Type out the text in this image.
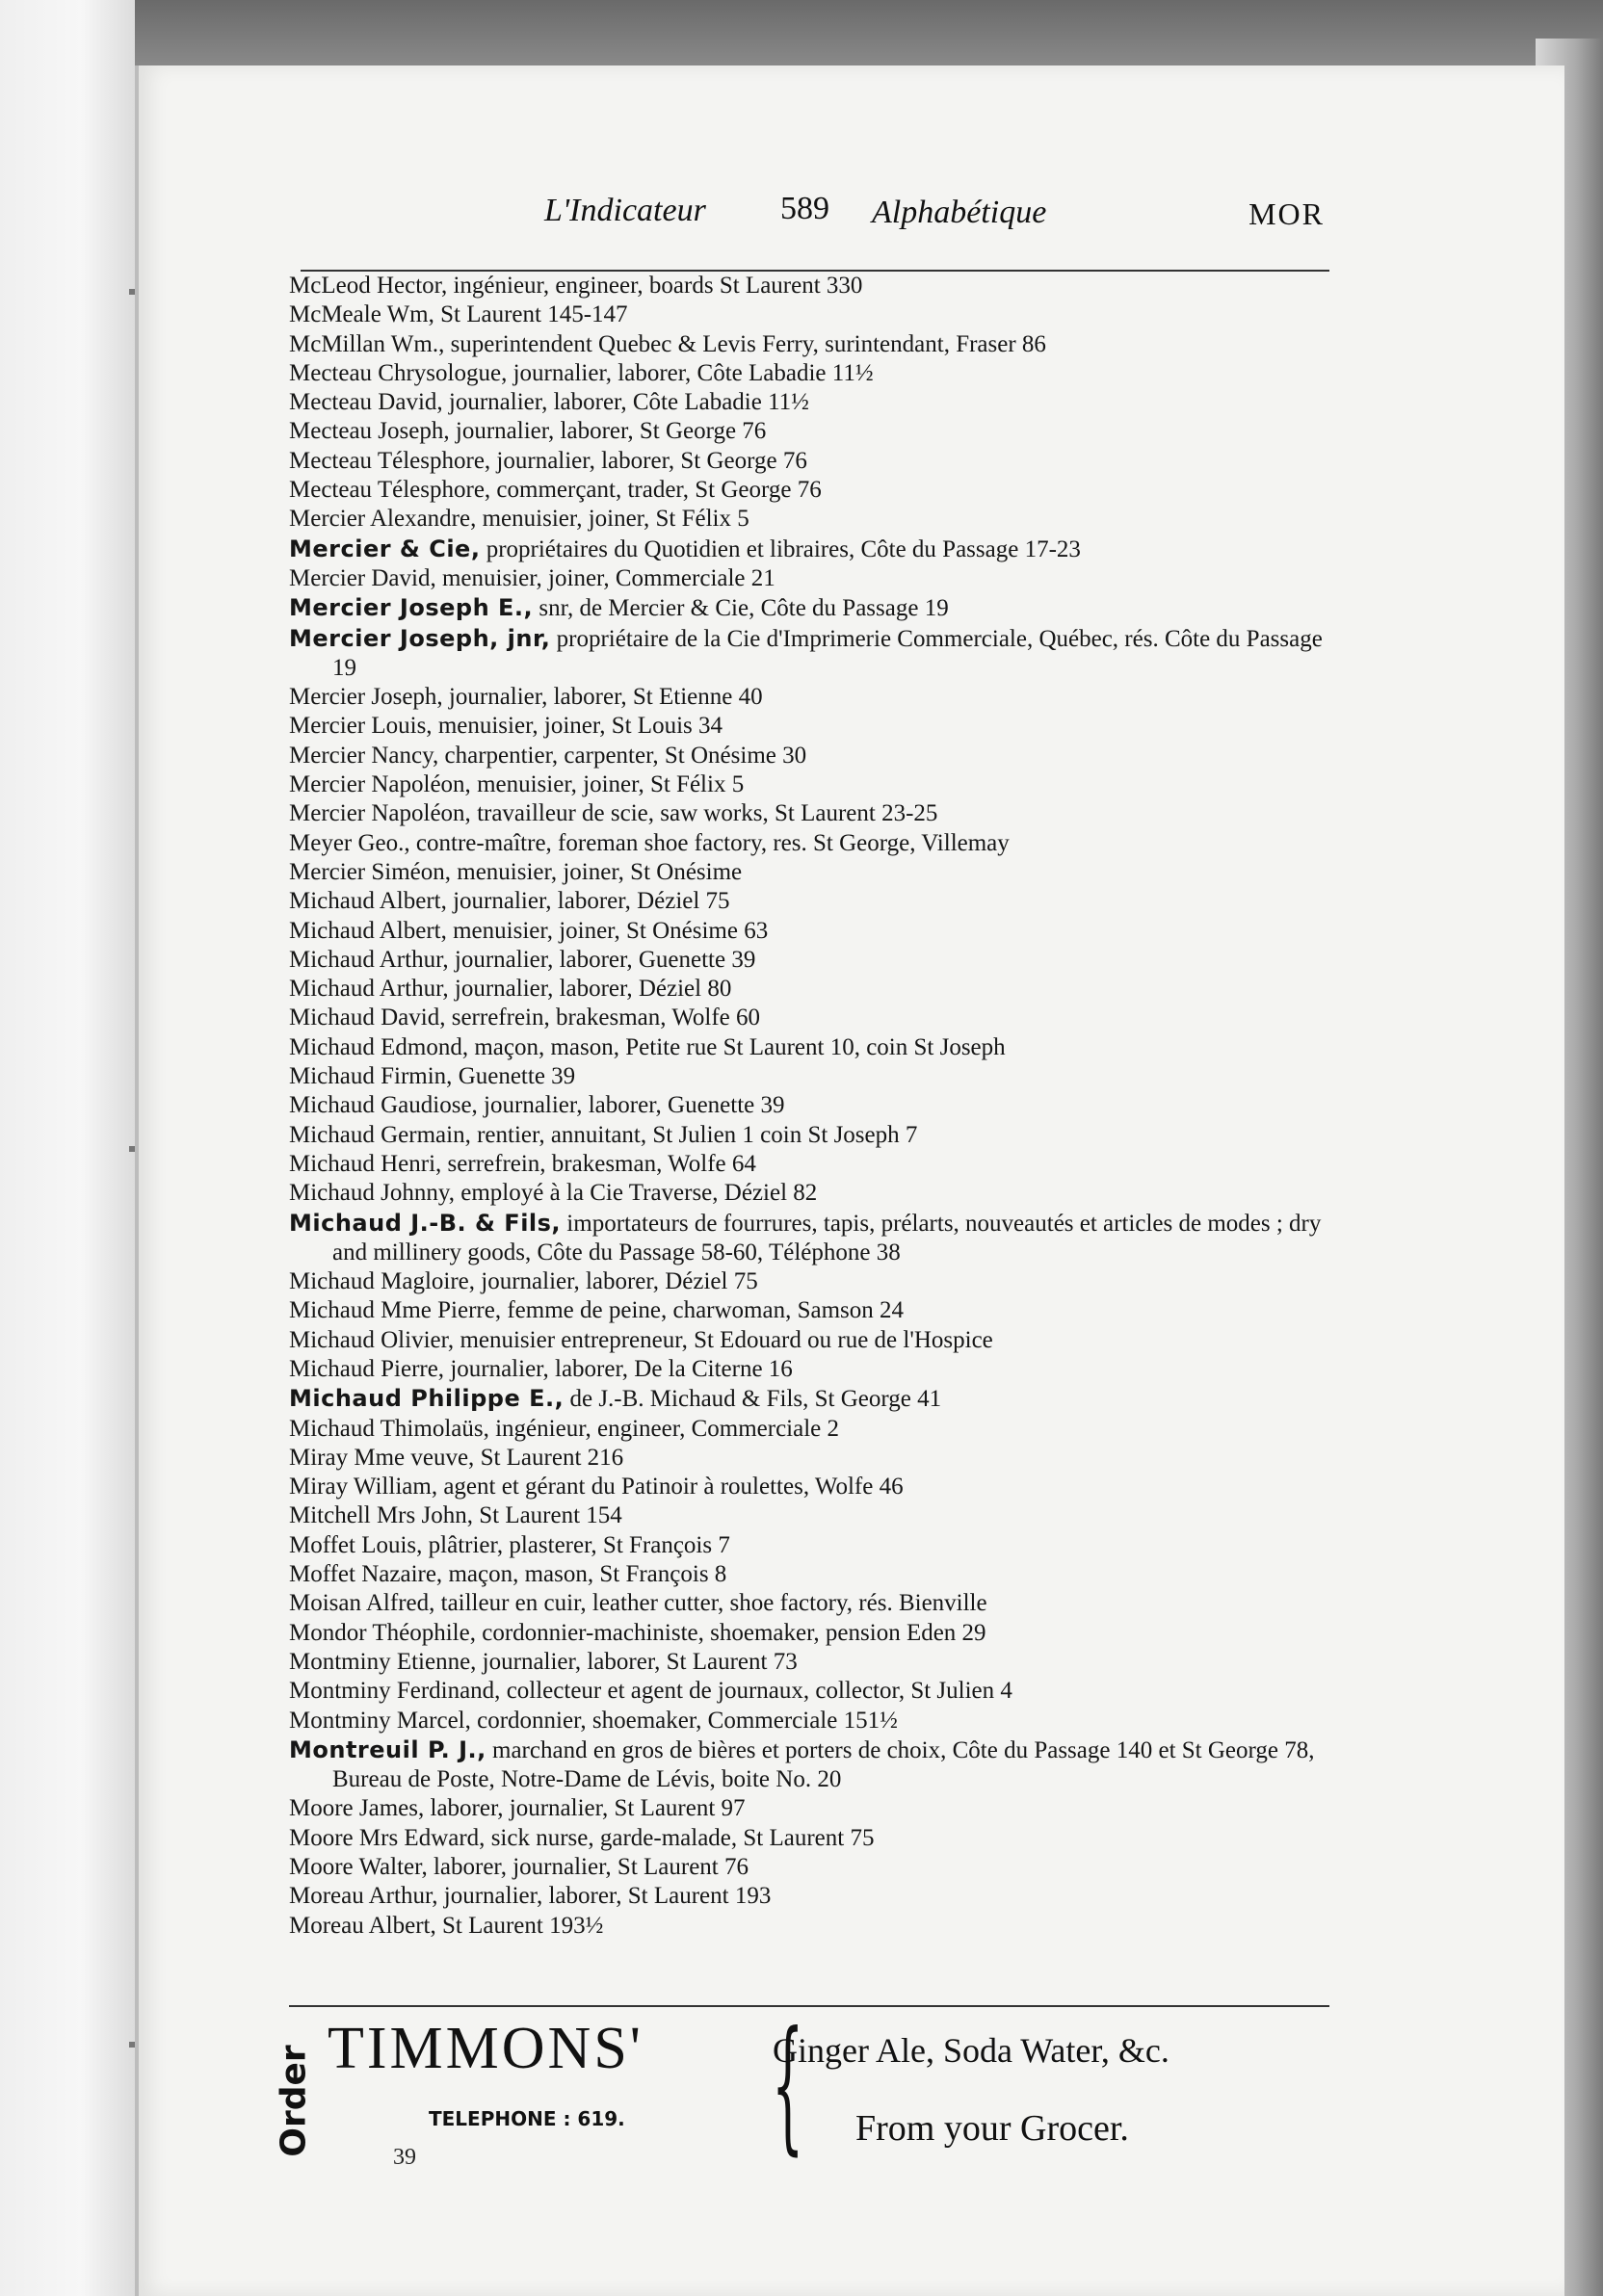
L'Indicateur 589 Alphabétique	MOR
McLeod Hector, ingénieur, engineer, boards St Laurent 330
McMeale Wm, St Laurent 145-147
McMillan Wm., superintendent Quebec & Levis Ferry, surintendant, Fraser 86
Mecteau Chrysologue, journalier, laborer, Côte Labadie 11½
Mecteau David, journalier, laborer, Côte Labadie 11½
Mecteau Joseph, journalier, laborer, St George 76
Mecteau Télesphore, journalier, laborer, St George 76
Mecteau Télesphore, commerçant, trader, St George 76
Mercier Alexandre, menuisier, joiner, St Félix 5
Mercier & Cie, propriétaires du Quotidien et libraires, Côte du Passage 17-23
Mercier David, menuisier, joiner, Commerciale 21
Mercier Joseph E., snr, de Mercier & Cie, Côte du Passage 19
Mercier Joseph, jnr, propriétaire de la Cie d'Imprimerie Commerciale, Québec, rés. Côte du Passage 19
Mercier Joseph, journalier, laborer, St Etienne 40
Mercier Louis, menuisier, joiner, St Louis 34
Mercier Nancy, charpentier, carpenter, St Onésime 30
Mercier Napoléon, menuisier, joiner, St Félix 5
Mercier Napoléon, travailleur de scie, saw works, St Laurent 23-25
Meyer Geo., contre-maître, foreman shoe factory, res. St George, Villemay
Mercier Siméon, menuisier, joiner, St Onésime
Michaud Albert, journalier, laborer, Déziel 75
Michaud Albert, menuisier, joiner, St Onésime 63
Michaud Arthur, journalier, laborer, Guenette 39
Michaud Arthur, journalier, laborer, Déziel 80
Michaud David, serrefrein, brakesman, Wolfe 60
Michaud Edmond, maçon, mason, Petite rue St Laurent 10, coin St Joseph
Michaud Firmin, Guenette 39
Michaud Gaudiose, journalier, laborer, Guenette 39
Michaud Germain, rentier, annuitant, St Julien 1 coin St Joseph 7
Michaud Henri, serrefrein, brakesman, Wolfe 64
Michaud Johnny, employé à la Cie Traverse, Déziel 82
Michaud J.-B. & Fils, importateurs de fourrures, tapis, prélarts, nouveautés et articles de modes ; dry and millinery goods, Côte du Passage 58-60, Téléphone 38
Michaud Magloire, journalier, laborer, Déziel 75
Michaud Mme Pierre, femme de peine, charwoman, Samson 24
Michaud Olivier, menuisier entrepreneur, St Edouard ou rue de l'Hospice
Michaud Pierre, journalier, laborer, De la Citerne 16
Michaud Philippe E., de J.-B. Michaud & Fils, St George 41
Michaud Thimolaüs, ingénieur, engineer, Commerciale 2
Miray Mme veuve, St Laurent 216
Miray William, agent et gérant du Patinoir à roulettes, Wolfe 46
Mitchell Mrs John, St Laurent 154
Moffet Louis, plâtrier, plasterer, St François 7
Moffet Nazaire, maçon, mason, St François 8
Moisan Alfred, tailleur en cuir, leather cutter, shoe factory, rés. Bienville
Mondor Théophile, cordonnier-machiniste, shoemaker, pension Eden 29
Montminy Etienne, journalier, laborer, St Laurent 73
Montminy Ferdinand, collecteur et agent de journaux, collector, St Julien 4
Montminy Marcel, cordonnier, shoemaker, Commerciale 151½
Montreuil P. J., marchand en gros de bières et porters de choix, Côte du Passage 140 et St George 78, Bureau de Poste, Notre-Dame de Lévis, boite No. 20
Moore James, laborer, journalier, St Laurent 97
Moore Mrs Edward, sick nurse, garde-malade, St Laurent 75
Moore Walter, laborer, journalier, St Laurent 76
Moreau Arthur, journalier, laborer, St Laurent 193
Moreau Albert, St Laurent 193½
Order TIMMONS'
TELEPHONE : 619. {
Ginger Ale, Soda Water, &c.
From your Grocer.
39
